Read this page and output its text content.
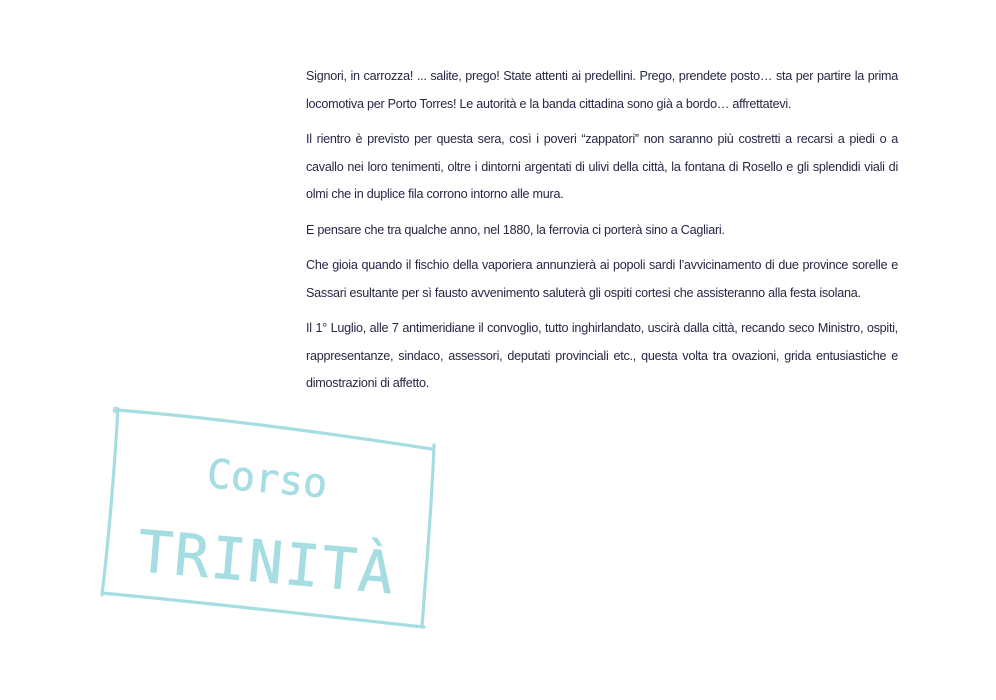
Signori, in carrozza! ... salite, prego! State attenti ai predellini. Prego, prendete posto… sta per partire la prima locomotiva per Porto Torres! Le autorità e la banda cittadina sono già a bordo… affrettatevi.

Il rientro è previsto per questa sera, così i poveri “zappatori” non saranno più costretti a recarsi a piedi o a cavallo nei loro tenimenti, oltre i dintorni argentati di ulivi della città, la fontana di Rosello e gli splendidi viali di olmi che in duplice fila corrono intorno alle mura.

E pensare che tra qualche anno, nel 1880, la ferrovia ci porterà sino a Cagliari.

Che gioia quando il fischio della vaporiera annunzierà ai popoli sardi l’avvicinamento di due province sorelle e Sassari esultante per sì fausto avvenimento saluterà gli ospiti cortesi che assisteranno alla festa isolana.

Il 1° Luglio, alle 7 antimeridiane il convoglio, tutto inghirlandato, uscirà dalla città, recando seco Ministro, ospiti, rappresentanze, sindaco, assessori, deputati provinciali etc., questa volta tra ovazioni, grida entusiastiche e dimostrazioni di affetto.

Corso
TRINITÀ
